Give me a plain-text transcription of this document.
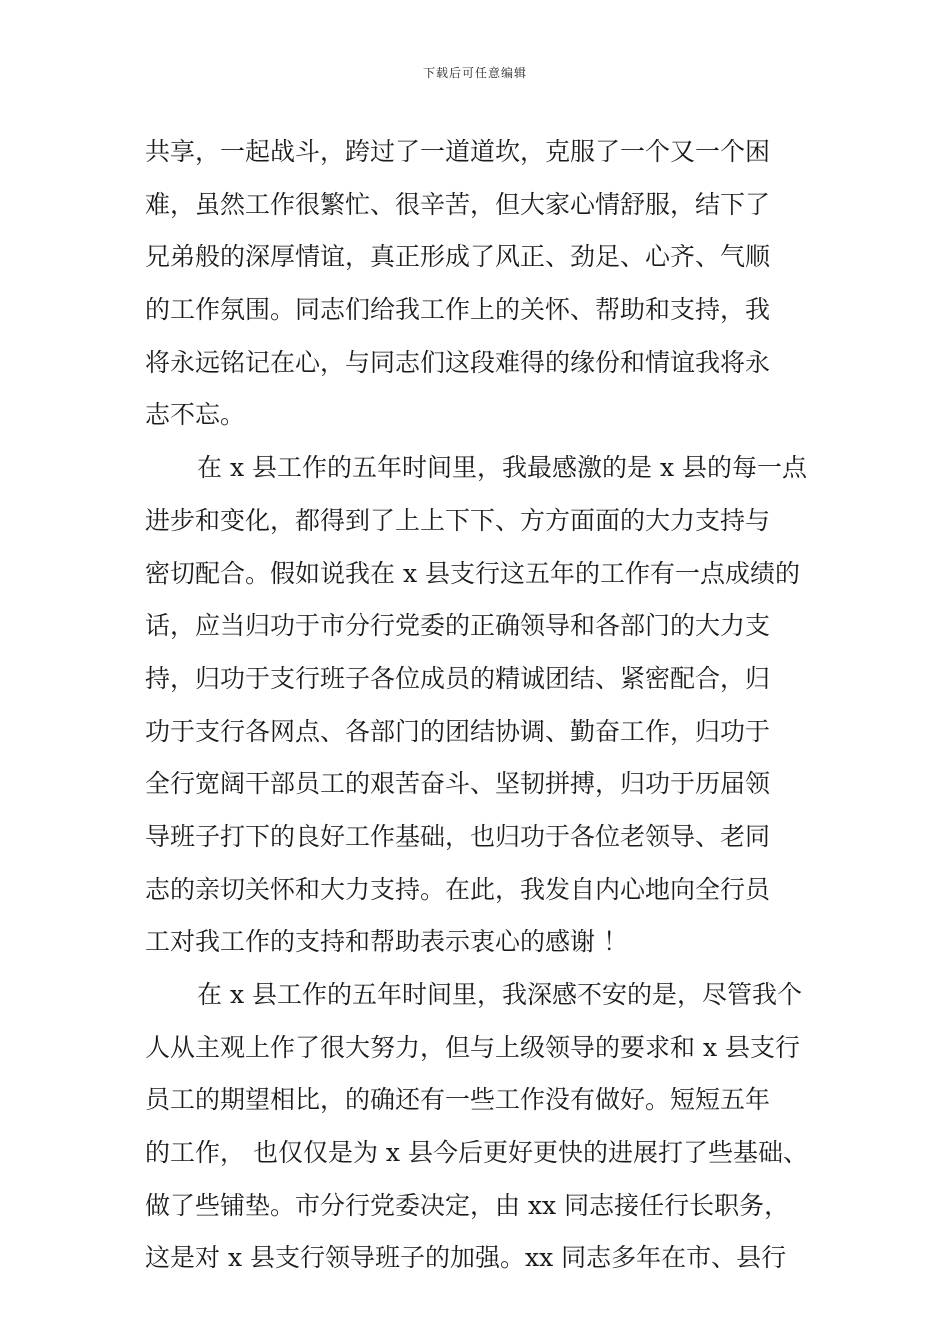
下载后可任意编辑
共享，一起战斗，跨过了一道道坎，克服了一个又一个困
难，虽然工作很繁忙、很辛苦，但大家心情舒服，结下了
兄弟般的深厚情谊，真正形成了风正、劲足、心齐、气顺
的工作氛围。同志们给我工作上的关怀、帮助和支持，我
将永远铭记在心，与同志们这段难得的缘份和情谊我将永
志不忘。
在 x 县工作的五年时间里，我最感激的是 x 县的每一点
进步和变化，都得到了上上下下、方方面面的大力支持与
密切配合。假如说我在 x 县支行这五年的工作有一点成绩的
话，应当归功于市分行党委的正确领导和各部门的大力支
持，归功于支行班子各位成员的精诚团结、紧密配合，归
功于支行各网点、各部门的团结协调、勤奋工作，归功于
全行宽阔干部员工的艰苦奋斗、坚韧拼搏，归功于历届领
导班子打下的良好工作基础，也归功于各位老领导、老同
志的亲切关怀和大力支持。在此，我发自内心地向全行员
工对我工作的支持和帮助表示衷心的感谢 ！
在 x 县工作的五年时间里，我深感不安的是，尽管我个
人从主观上作了很大努力，但与上级领导的要求和 x 县支行
员工的期望相比，的确还有一些工作没有做好。短短五年
的工作， 也仅仅是为 x 县今后更好更快的进展打了些基础、
做了些铺垫。市分行党委决定，由 xx 同志接任行长职务，
这是对 x 县支行领导班子的加强。xx 同志多年在市、县行
